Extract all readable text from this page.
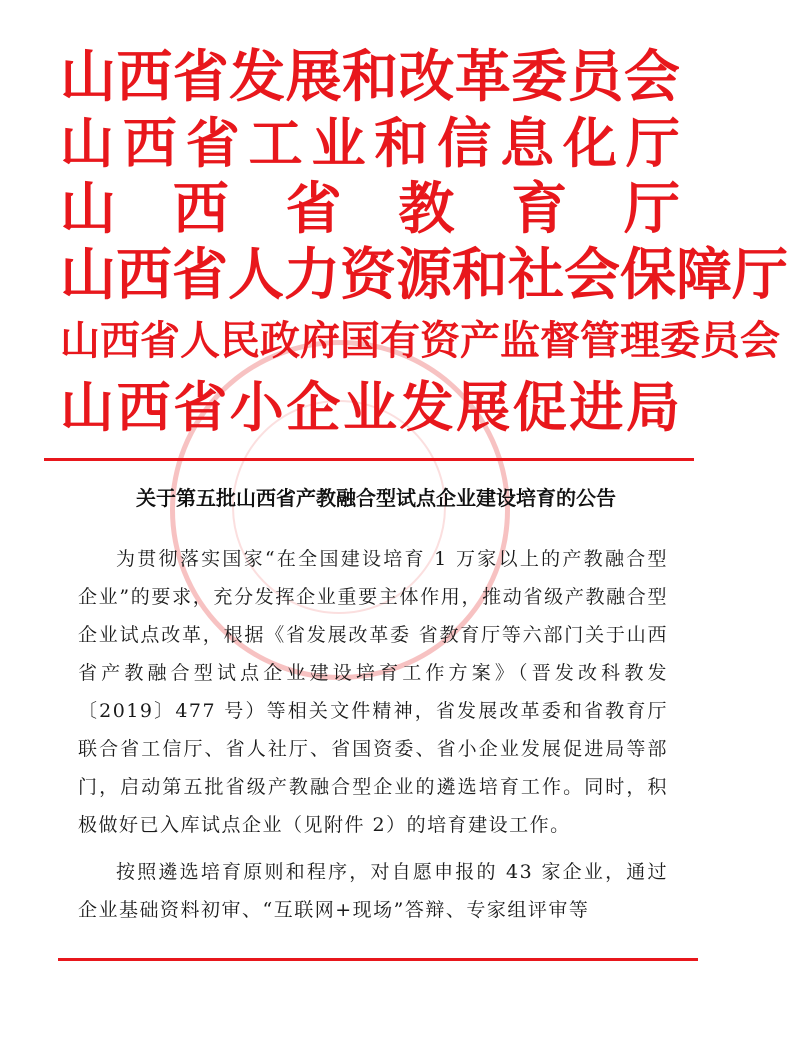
山 西 省 发 展 和 改 革 委 员 会
山 西 省 工 业 和 信 息 化 厅
山 西 省 教 育 厅
山 西 省 人 力 资 源 和 社 会 保 障 厅
山 西 省 人 民 政 府 国 有 资 产 监 督 管 理 委 员 会
山 西 省 小 企 业 发 展 促 进 局
关于第五批山西省产教融合型试点企业建设培育的公告

为贯彻落实国家“在全国建设培育 1 万家以上的产教融合型企业”的要求，充分发挥企业重要主体作用，推动省级产教融合型企业试点改革，根据《省发展改革委 省教育厅等六部门关于山西省产教融合型试点企业建设培育工作方案》（晋发改科教发〔2019〕477 号）等相关文件精神，省发展改革委和省教育厅联合省工信厅、省人社厅、省国资委、省小企业发展促进局等部门，启动第五批省级产教融合型企业的遴选培育工作。同时，积极做好已入库试点企业（见附件 2）的培育建设工作。

按照遴选培育原则和程序，对自愿申报的 43 家企业，通过企业基础资料初审、“互联网+现场”答辩、专家组评审等
